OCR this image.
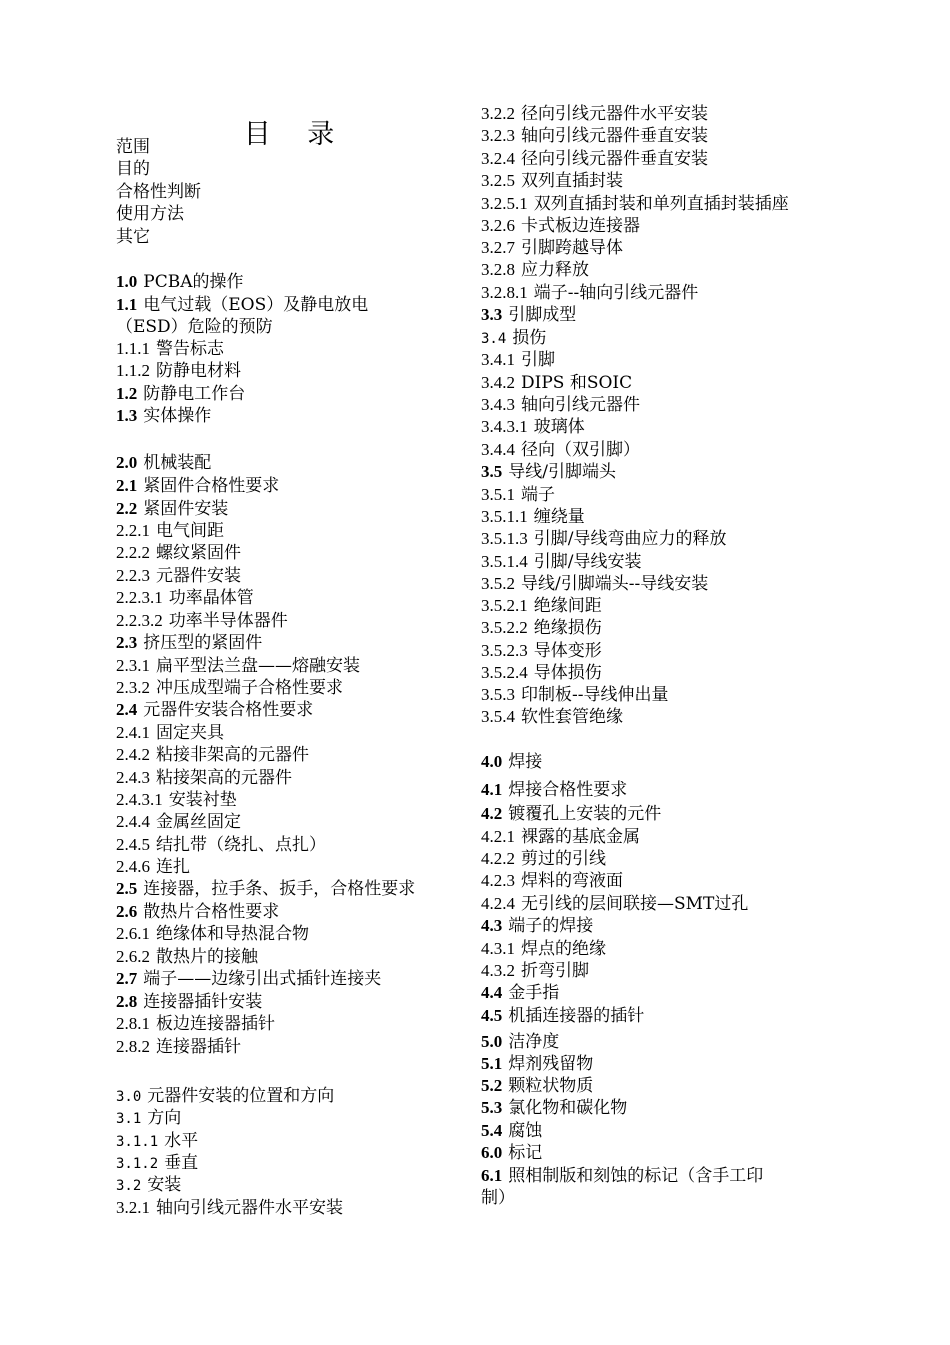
目 录
范围
目的
合格性判断
使用方法
其它
1.0 PCBA的操作
1.1 电气过载（EOS）及静电放电
（ESD）危险的预防
1.1.1 警告标志
1.1.2 防静电材料
1.2 防静电工作台
1.3 实体操作
2.0 机械装配
2.1 紧固件合格性要求
2.2 紧固件安装
2.2.1 电气间距
2.2.2 螺纹紧固件
2.2.3 元器件安装
2.2.3.1 功率晶体管
2.2.3.2 功率半导体器件
2.3 挤压型的紧固件
2.3.1 扁平型法兰盘——熔融安装
2.3.2 冲压成型端子合格性要求
2.4 元器件安装合格性要求
2.4.1 固定夹具
2.4.2 粘接非架高的元器件
2.4.3 粘接架高的元器件
2.4.3.1 安装衬垫
2.4.4 金属丝固定
2.4.5 结扎带（绕扎、点扎）
2.4.6 连扎
2.5 连接器，拉手条、扳手，合格性要求
2.6 散热片合格性要求
2.6.1 绝缘体和导热混合物
2.6.2 散热片的接触
2.7 端子——边缘引出式插针连接夹
2.8 连接器插针安装
2.8.1 板边连接器插针
2.8.2 连接器插针
3.0 元器件安装的位置和方向
3.1 方向
3.1.1 水平
3.1.2 垂直
3.2 安装
3.2.1 轴向引线元器件水平安装
3.2.2 径向引线元器件水平安装
3.2.3 轴向引线元器件垂直安装
3.2.4 径向引线元器件垂直安装
3.2.5 双列直插封装
3.2.5.1 双列直插封装和单列直插封装插座
3.2.6 卡式板边连接器
3.2.7 引脚跨越导体
3.2.8 应力释放
3.2.8.1 端子--轴向引线元器件
3.3 引脚成型
3.4 损伤
3.4.1 引脚
3.4.2 DIPS 和SOIC
3.4.3 轴向引线元器件
3.4.3.1 玻璃体
3.4.4 径向（双引脚）
3.5 导线/引脚端头
3.5.1 端子
3.5.1.1 缠绕量
3.5.1.3 引脚/导线弯曲应力的释放
3.5.1.4 引脚/导线安装
3.5.2 导线/引脚端头--导线安装
3.5.2.1 绝缘间距
3.5.2.2 绝缘损伤
3.5.2.3 导体变形
3.5.2.4 导体损伤
3.5.3 印制板--导线伸出量
3.5.4 软性套管绝缘
4.0 焊接
4.1 焊接合格性要求
4.2 镀覆孔上安装的元件
4.2.1 裸露的基底金属
4.2.2 剪过的引线
4.2.3 焊料的弯液面
4.2.4 无引线的层间联接—SMT过孔
4.3 端子的焊接
4.3.1 焊点的绝缘
4.3.2 折弯引脚
4.4 金手指
4.5 机插连接器的插针
5.0 洁净度
5.1 焊剂残留物
5.2 颗粒状物质
5.3 氯化物和碳化物
5.4 腐蚀
6.0 标记
6.1 照相制版和刻蚀的标记（含手工印
制）
